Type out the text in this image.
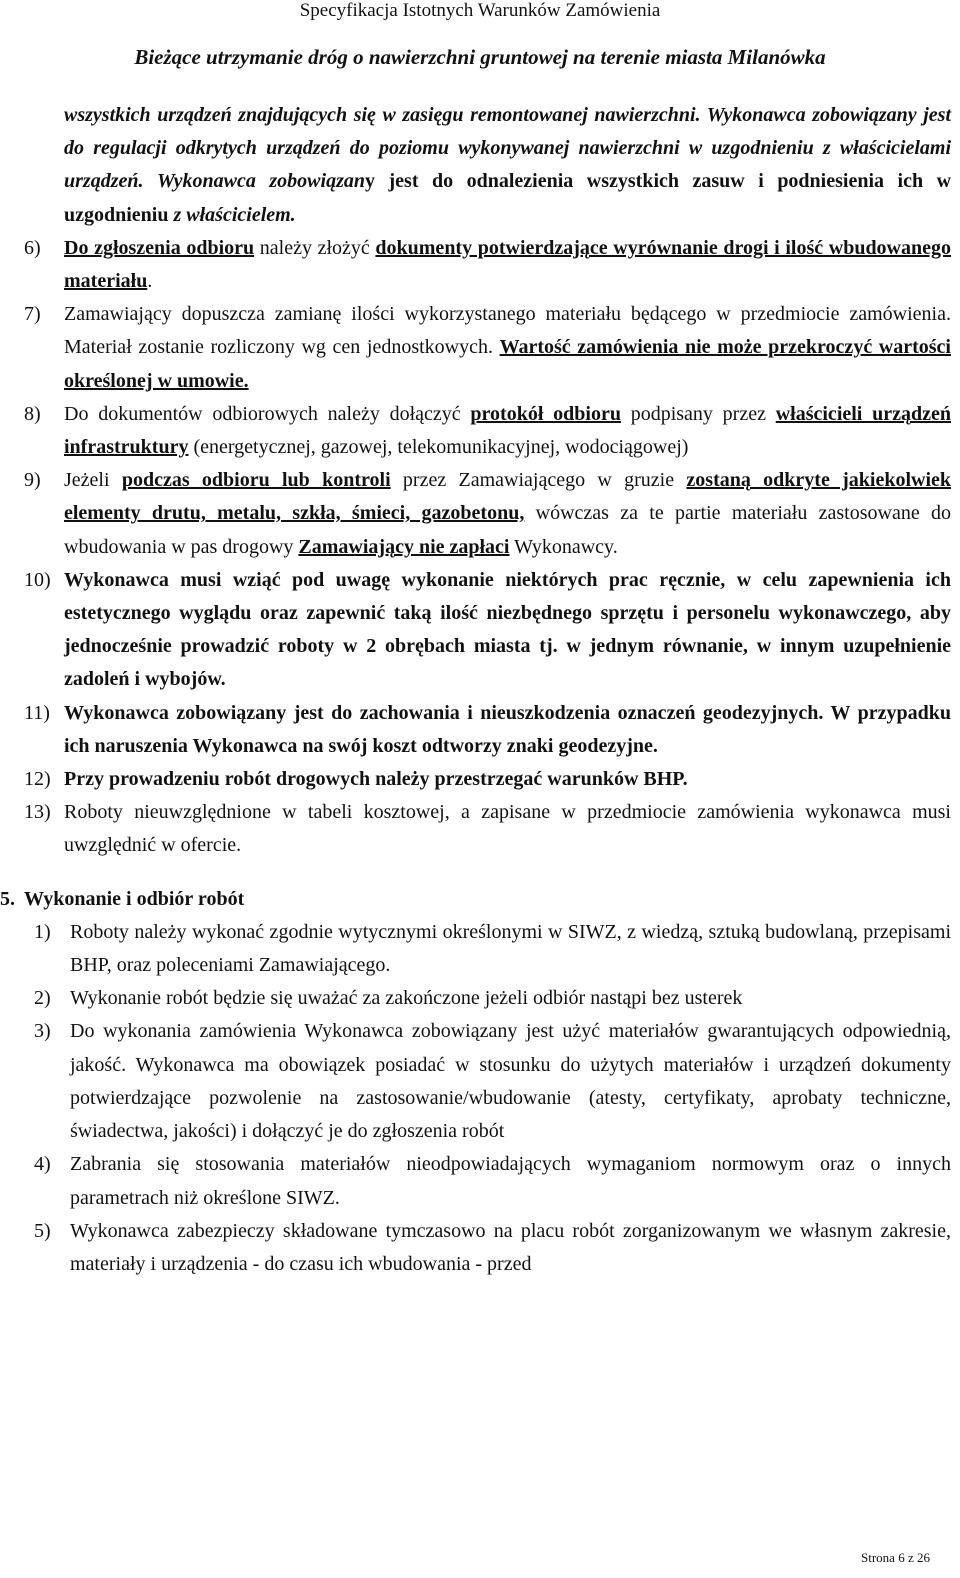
Specyfikacja Istotnych Warunków Zamówienia
Bieżące utrzymanie dróg o nawierzchni gruntowej na terenie miasta Milanówka
wszystkich urządzeń znajdujących się w zasięgu remontowanej nawierzchni. Wykonawca zobowiązany jest do regulacji odkrytych urządzeń do poziomu wykonywanej nawierzchni w uzgodnieniu z właścicielami urządzeń. Wykonawca zobowiązany jest do odnalezienia wszystkich zasuw i podniesienia ich w uzgodnieniu z właścicielem.
6)	Do zgłoszenia odbioru należy złożyć dokumenty potwierdzające wyrównanie drogi i ilość wbudowanego materiału.
7)	Zamawiający dopuszcza zamianę ilości wykorzystanego materiału będącego w przedmiocie zamówienia. Materiał zostanie rozliczony wg cen jednostkowych. Wartość zamówienia nie może przekroczyć wartości określonej w umowie.
8)	Do dokumentów odbiorowych należy dołączyć protokół odbioru podpisany przez właścicieli urządzeń infrastruktury (energetycznej, gazowej, telekomunikacyjnej, wodociągowej)
9)	Jeżeli podczas odbioru lub kontroli przez Zamawiającego w gruzie zostaną odkryte jakiekolwiek elementy drutu, metalu, szkła, śmieci, gazobetonu, wówczas za te partie materiału zastosowane do wbudowania w pas drogowy Zamawiający nie zapłaci Wykonawcy.
10) Wykonawca musi wziąć pod uwagę wykonanie niektórych prac ręcznie, w celu zapewnienia ich estetycznego wyglądu oraz zapewnić taką ilość niezbędnego sprzętu i personelu wykonawczego, aby jednocześnie prowadzić roboty w 2 obrębach miasta tj. w jednym równanie, w innym uzupełnienie zadoleń i wybojów.
11) Wykonawca zobowiązany jest do zachowania i nieuszkodzenia oznaczeń geodezyjnych. W przypadku ich naruszenia Wykonawca na swój koszt odtworzy znaki geodezyjne.
12) Przy prowadzeniu robót drogowych należy przestrzegać warunków BHP.
13) Roboty nieuwzględnione w tabeli kosztowej, a zapisane w przedmiocie zamówienia wykonawca musi uwzględnić w ofercie.
5. Wykonanie i odbiór robót
1) Roboty należy wykonać zgodnie wytycznymi określonymi w SIWZ, z wiedzą, sztuką budowlaną, przepisami BHP, oraz poleceniami Zamawiającego.
2) Wykonanie robót będzie się uważać za zakończone jeżeli odbiór nastąpi bez usterek
3) Do wykonania zamówienia Wykonawca zobowiązany jest użyć materiałów gwarantujących odpowiednią, jakość. Wykonawca ma obowiązek posiadać w stosunku do użytych materiałów i urządzeń dokumenty potwierdzające pozwolenie na zastosowanie/wbudowanie (atesty, certyfikaty, aprobaty techniczne, świadectwa, jakości) i dołączyć je do zgłoszenia robót
4) Zabrania się stosowania materiałów nieodpowiadających wymaganiom normowym oraz o innych parametrach niż określone SIWZ.
5) Wykonawca zabezpieczy składowane tymczasowo na placu robót zorganizowanym we własnym zakresie, materiały i urządzenia - do czasu ich wbudowania - przed
Strona 6 z 26
